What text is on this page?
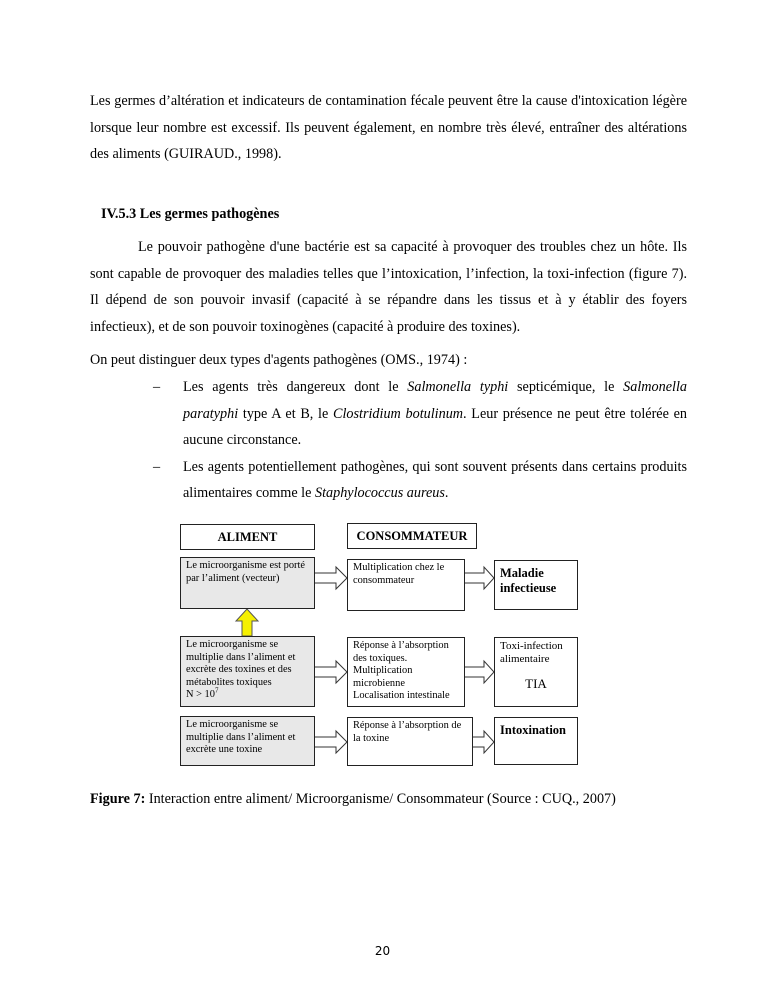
Les germes d’altération et indicateurs de contamination fécale peuvent être la cause d'intoxication légère lorsque leur nombre est excessif. Ils peuvent également, en nombre très élevé, entraîner des altérations des aliments (GUIRAUD., 1998).

IV.5.3 Les germes pathogènes

Le pouvoir pathogène d'une bactérie est sa capacité à provoquer des troubles chez un hôte. Ils sont capable de provoquer des maladies telles que l’intoxication, l’infection, la toxi-infection (figure 7). Il dépend de son pouvoir invasif (capacité à se répandre dans les tissus et à y établir des foyers infectieux), et de son pouvoir toxinogènes (capacité à produire des toxines).

On peut distinguer deux types d'agents pathogènes (OMS., 1974) :

– Les agents très dangereux dont le Salmonella typhi septicémique, le Salmonella paratyphi type A et B, le Clostridium botulinum. Leur présence ne peut être tolérée en aucune circonstance.
– Les agents potentiellement pathogènes, qui sont souvent présents dans certains produits alimentaires comme le Staphylococcus aureus.
ALIMENT	CONSOMMATEUR
Le microorganisme est porté par l’aliment (vecteur)
Multiplication chez le consommateur
Maladie infectieuse
Le microorganisme se
multiplie dans l’aliment et
excrète des toxines et des
métabolites toxiques
$N > 10^7$
Réponse à l’absorption
des toxiques.
Multiplication
microbienne
Localisation intestinale
Toxi-infection alimentaire
TIA
Le microorganisme se multiplie dans l’aliment et excrète une toxine
Réponse à l’absorption de la toxine
Intoxination

Figure 7: Interaction entre aliment/ Microorganisme/ Consommateur (Source : CUQ., 2007)

20
